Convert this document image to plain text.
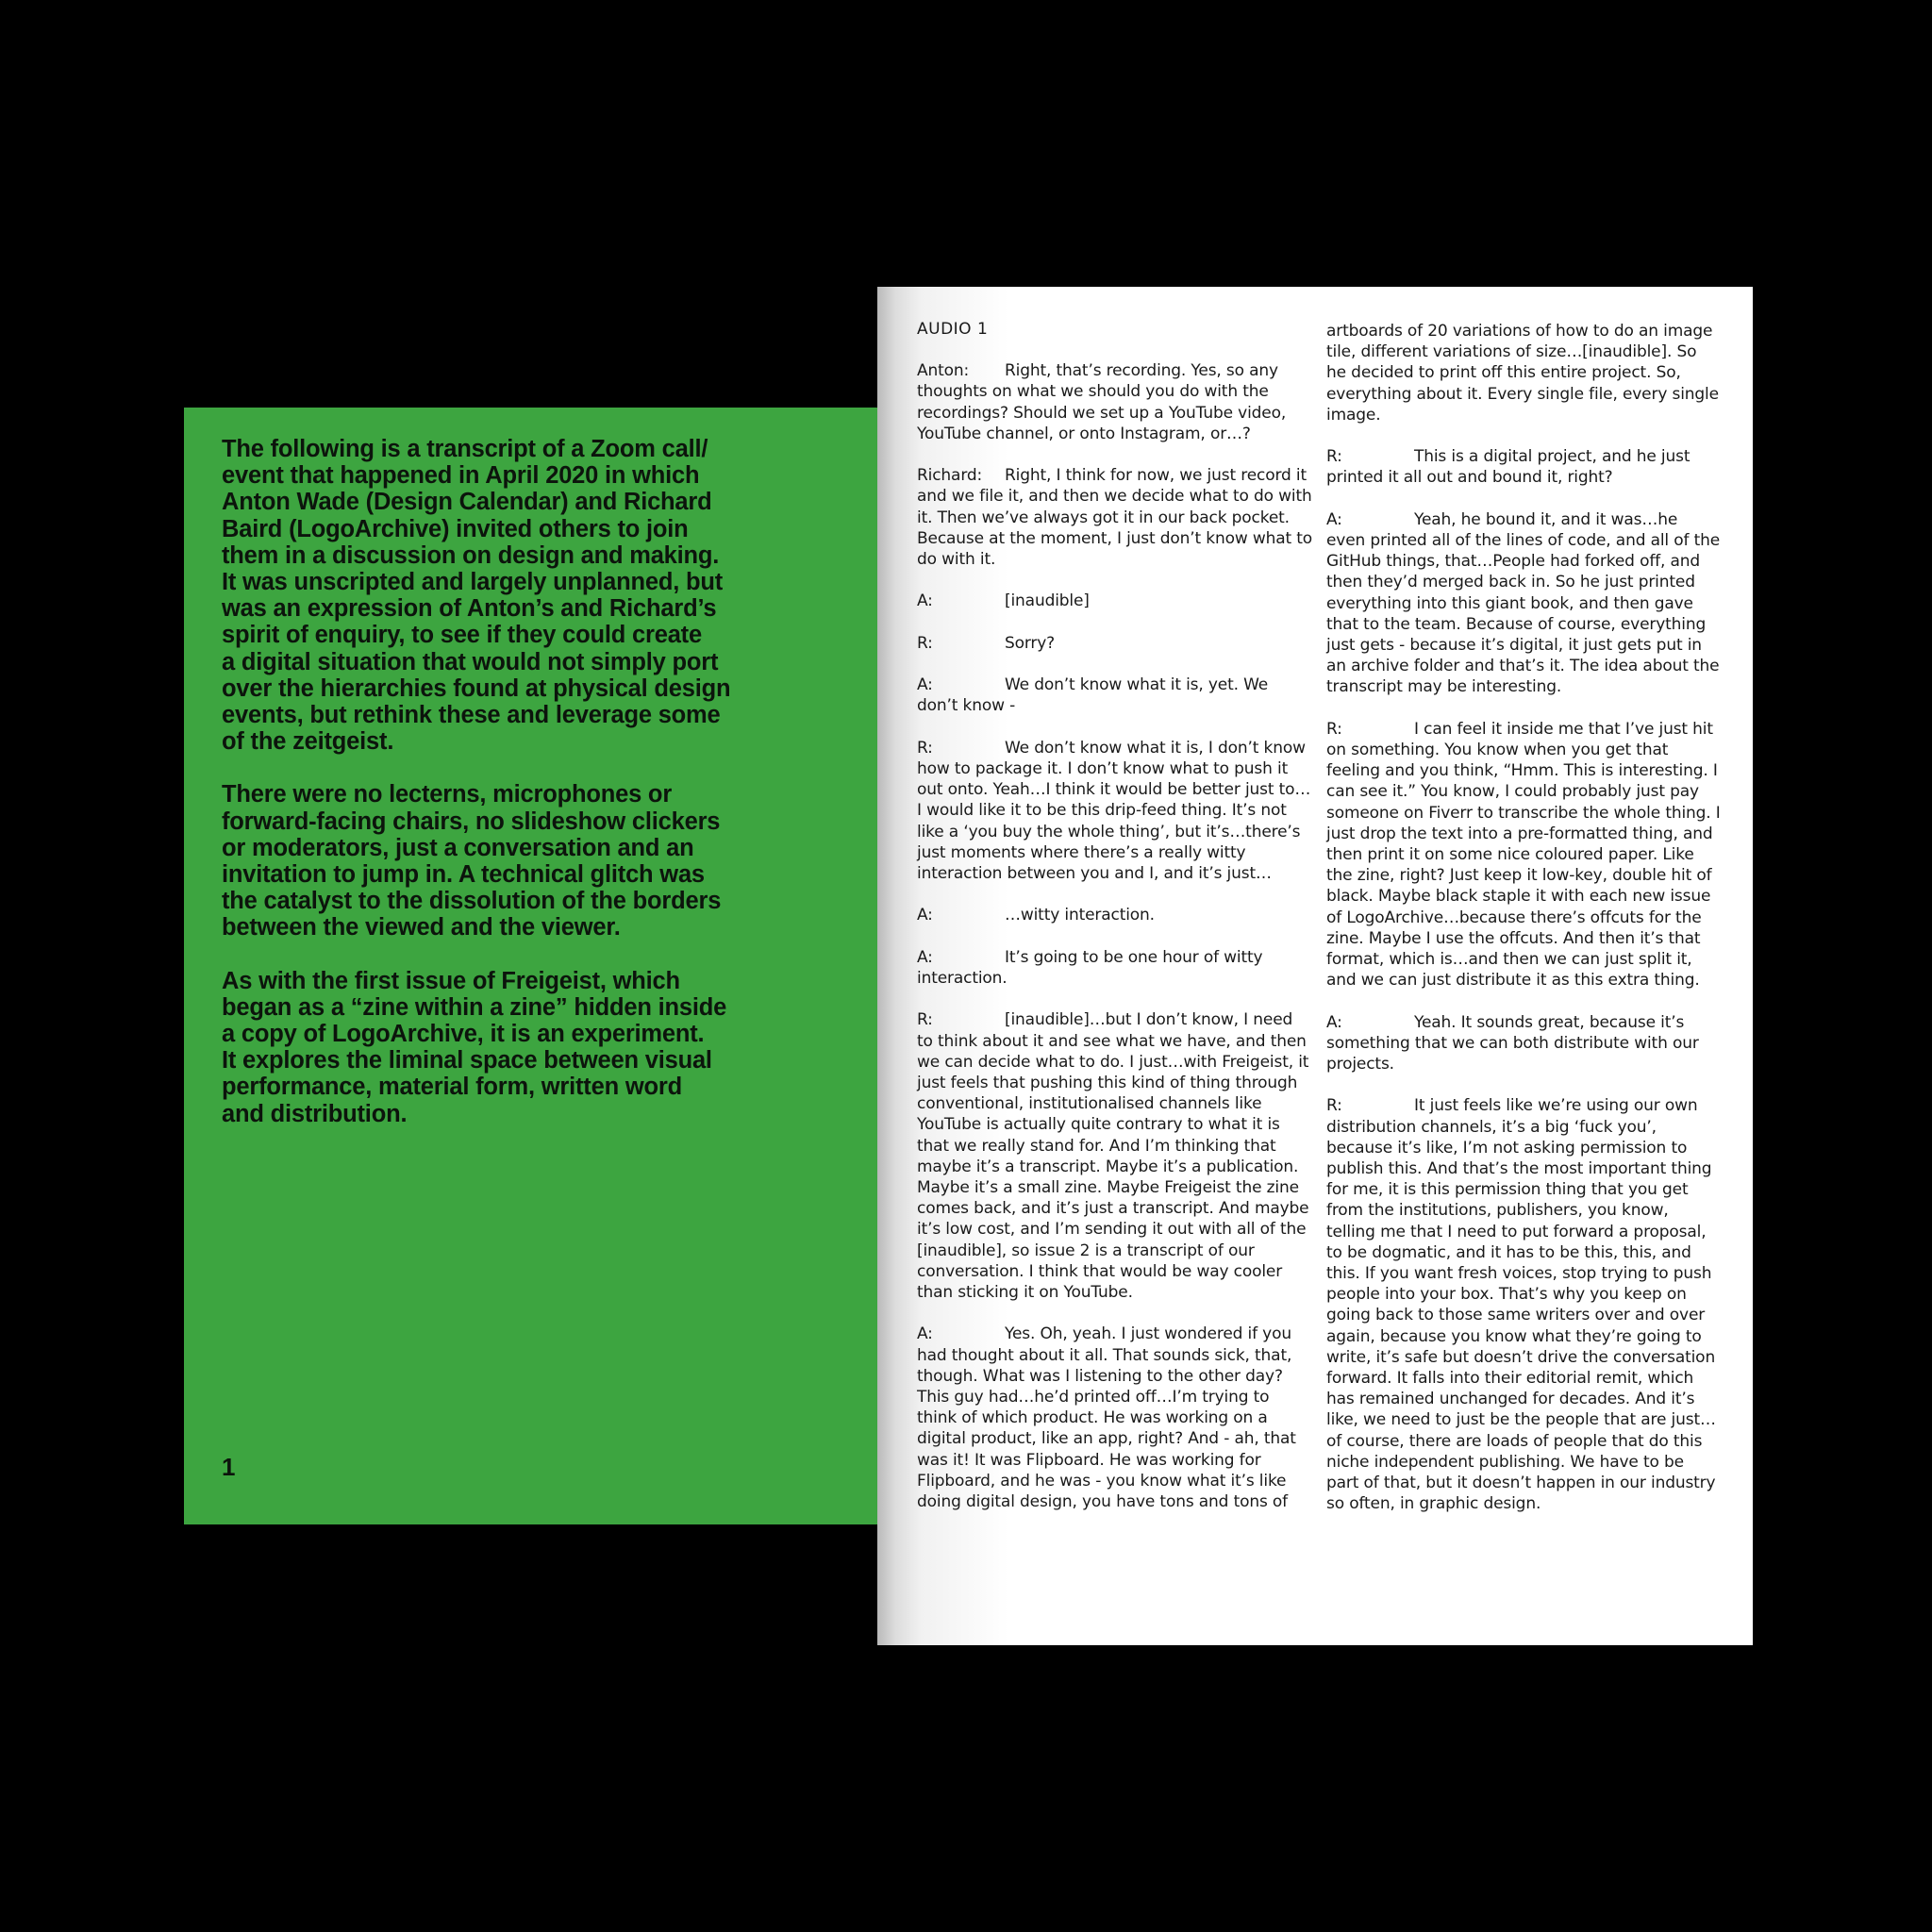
The following is a transcript of a Zoom call/
event that happened in April 2020 in which
Anton Wade (Design Calendar) and Richard
Baird (LogoArchive) invited others to join
them in a discussion on design and making.
It was unscripted and largely unplanned, but
was an expression of Anton’s and Richard’s
spirit of enquiry, to see if they could create
a digital situation that would not simply port
over the hierarchies found at physical design
events, but rethink these and leverage some
of the zeitgeist.

There were no lecterns, microphones or
forward-facing chairs, no slideshow clickers
or moderators, just a conversation and an
invitation to jump in. A technical glitch was
the catalyst to the dissolution of the borders
between the viewed and the viewer.

As with the first issue of Freigeist, which
began as a “zine within a zine” hidden inside
a copy of LogoArchive, it is an experiment.
It explores the liminal space between visual
performance, material form, written word
and distribution.

1
AUDIO 1
Anton: Right, that’s recording. Yes, so any thoughts on what we should you do with the recordings? Should we set up a YouTube video, YouTube channel, or onto Instagram, or…?
Richard: Right, I think for now, we just record it and we file it, and then we decide what to do with it. Then we’ve always got it in our back pocket. Because at the moment, I just don’t know what to do with it.
A:	[inaudible]
R:	Sorry?
A:	We don’t know what it is, yet. We don’t know -
R:	We don’t know what it is, I don’t know how to package it. I don’t know what to push it out onto. Yeah…I think it would be better just to…I would like it to be this drip-feed thing. It’s not like a ‘you buy the whole thing’, but it’s…there’s just moments where there’s a really witty interaction between you and I, and it’s just…
A:	…witty interaction.
A:	It’s going to be one hour of witty interaction.
R:	[inaudible]…but I don’t know, I need to think about it and see what we have, and then we can decide what to do. I just…with Freigeist, it just feels that pushing this kind of thing through conventional, institutionalised channels like YouTube is actually quite contrary to what it is that we really stand for. And I’m thinking that maybe it’s a transcript. Maybe it’s a publication. Maybe it’s a small zine. Maybe Freigeist the zine comes back, and it’s just a transcript. And maybe it’s low cost, and I’m sending it out with all of the [inaudible], so issue 2 is a transcript of our conversation. I think that would be way cooler than sticking it on YouTube.
A:	Yes. Oh, yeah. I just wondered if you had thought about it all. That sounds sick, that, though. What was I listening to the other day? This guy had…he’d printed off…I’m trying to think of which product. He was working on a digital product, like an app, right? And - ah, that was it! It was Flipboard. He was working for Flipboard, and he was - you know what it’s like doing digital design, you have tons and tons of
artboards of 20 variations of how to do an image tile, different variations of size…[inaudible]. So he decided to print off this entire project. So, everything about it. Every single file, every single image.
R:	This is a digital project, and he just printed it all out and bound it, right?
A:	Yeah, he bound it, and it was…he even printed all of the lines of code, and all of the GitHub things, that…People had forked off, and then they’d merged back in. So he just printed everything into this giant book, and then gave that to the team. Because of course, everything just gets - because it’s digital, it just gets put in an archive folder and that’s it. The idea about the transcript may be interesting.
R:	I can feel it inside me that I’ve just hit on something. You know when you get that feeling and you think, “Hmm. This is interesting. I can see it.” You know, I could probably just pay someone on Fiverr to transcribe the whole thing. I just drop the text into a pre-formatted thing, and then print it on some nice coloured paper. Like the zine, right? Just keep it low-key, double hit of black. Maybe black staple it with each new issue of LogoArchive…because there’s offcuts for the zine. Maybe I use the offcuts. And then it’s that format, which is…and then we can just split it, and we can just distribute it as this extra thing.
A:	Yeah. It sounds great, because it’s something that we can both distribute with our projects.
R:	It just feels like we’re using our own distribution channels, it’s a big ‘fuck you’, because it’s like, I’m not asking permission to publish this. And that’s the most important thing for me, it is this permission thing that you get from the institutions, publishers, you know, telling me that I need to put forward a proposal, to be dogmatic, and it has to be this, this, and this. If you want fresh voices, stop trying to push people into your box. That’s why you keep on going back to those same writers over and over again, because you know what they’re going to write, it’s safe but doesn’t drive the conversation forward. It falls into their editorial remit, which has remained unchanged for decades. And it’s like, we need to just be the people that are just…of course, there are loads of people that do this niche independent publishing. We have to be part of that, but it doesn’t happen in our industry so often, in graphic design.
